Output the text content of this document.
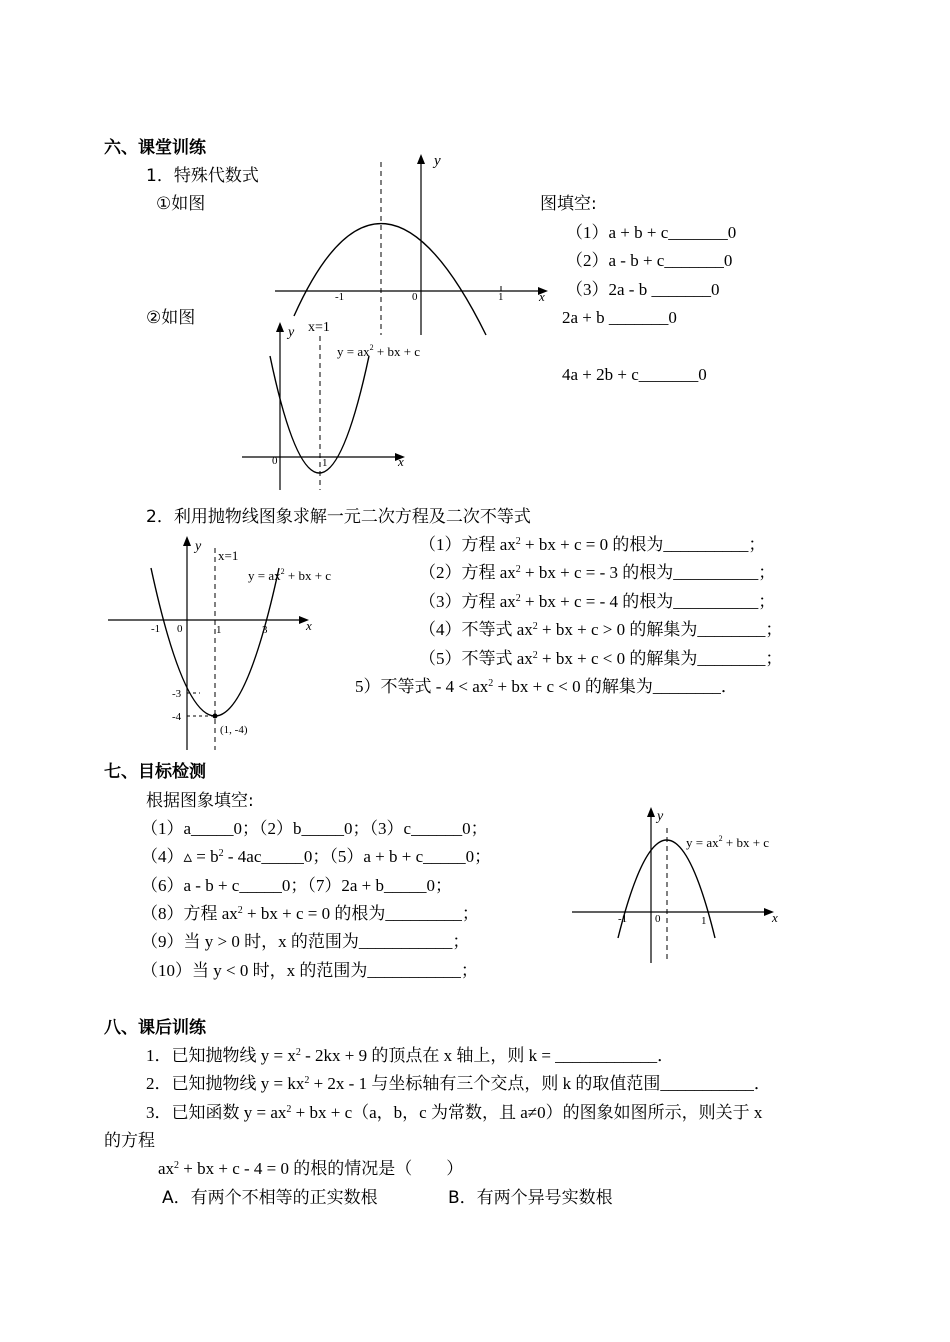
六、课堂训练
1．特殊代数式
①如图	图填空:
（1）a + b + c_______0
（2）a - b + c_______0
（3）2a - b _______0
②如图	2a + b _______0
4a + 2b + c_______0
y
x
0
-1	1
y
x
0	1
x=1
$y = ax^2$ + bx + c
2．利用抛物线图象求解一元二次方程及二次不等式
（1）方程 $ax^2$ + bx + c = 0 的根为__________；
（2）方程 $ax^2$ + bx + c = - 3 的根为__________；
（3）方程 $ax^2$ + bx + c = - 4 的根为__________；
（4）不等式 $ax^2$ + bx + c > 0 的解集为________；
（5）不等式 $ax^2$ + bx + c < 0 的解集为________；
5）不等式 - $4 < ax^2$ + bx + c < 0 的解集为________．
y
x
0
-1	1	3
-3
-4
x=1
$y = ax^2$ + bx + c
(1, -4)
七、目标检测
根据图象填空:
（1）a_____0；（2）b_____0；（3）c______0；
（4）▵ = $b^2$ - 4ac_____0；（5）a + b + c_____0；
（6）a - b + c_____0；（7）2a + b_____0；
（8）方程 $ax^2$ + bx + c = 0 的根为_________；
（9）当 y > 0 时，x 的范围为___________；
（10）当 y < 0 时，x 的范围为___________；
y
x
0
-1	1
$y = ax^2$ + bx + c
八、课后训练
1．已知抛物线 $y = x^2 - 2kx + 9$ 的顶点在 x 轴上，则 k = ____________．
2．已知抛物线 $y = kx^2 + 2x - 1$ 与坐标轴有三个交点，则 k 的取值范围___________．
3．已知函数 $y = ax^2$ + bx + c（a，b，c 为常数，且 a≠0）的图象如图所示，则关于 x
的方程
$ax^2$ + bx + c - 4 = 0 的根的情况是（　　）
A．有两个不相等的正实数根	B．有两个异号实数根
